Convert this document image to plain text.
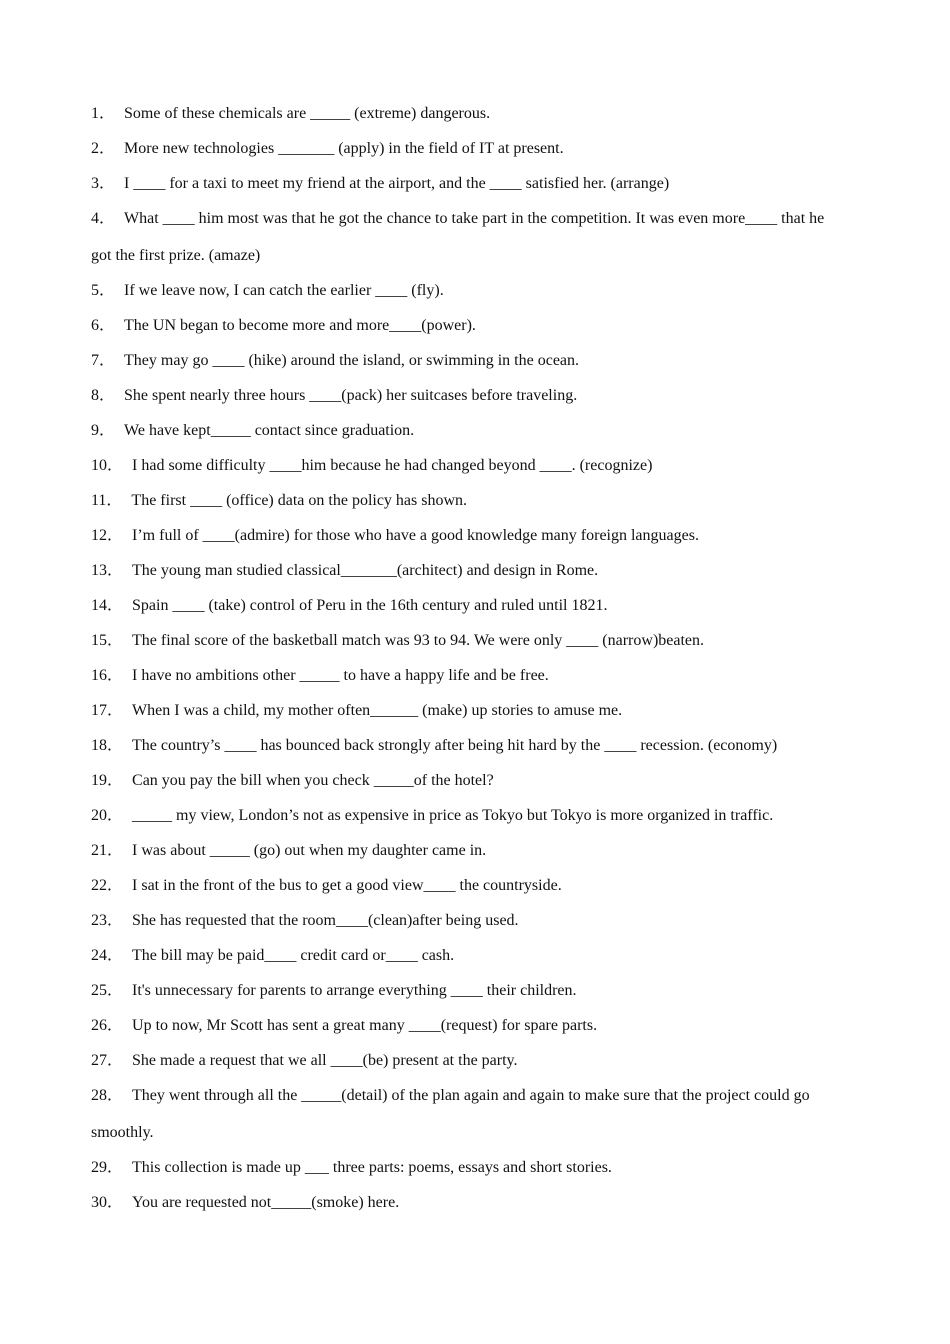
1． Some of these chemicals are _____ (extreme) dangerous.
2． More new technologies _______ (apply) in the field of IT at present.
3． I ____ for a taxi to meet my friend at the airport, and the ____ satisfied her. (arrange)
4． What ____ him most was that he got the chance to take part in the competition. It was even more____ that he
got the first prize. (amaze)
5． If we leave now, I can catch the earlier ____ (fly).
6． The UN began to become more and more____(power).
7． They may go ____ (hike) around the island, or swimming in the ocean.
8． She spent nearly three hours ____(pack) her suitcases before traveling.
9． We have kept_____ contact since graduation.
10． I had some difficulty ____him because he had changed beyond ____. (recognize)
11． The first ____ (office) data on the policy has shown.
12． I’m full of ____(admire) for those who have a good knowledge many foreign languages.
13． The young man studied classical_______(architect) and design in Rome.
14． Spain ____ (take) control of Peru in the 16th century and ruled until 1821.
15． The final score of the basketball match was 93 to 94. We were only ____ (narrow)beaten.
16． I have no ambitions other _____ to have a happy life and be free.
17． When I was a child, my mother often______ (make) up stories to amuse me.
18． The country’s ____ has bounced back strongly after being hit hard by the ____ recession. (economy)
19． Can you pay the bill when you check _____of the hotel?
20． _____ my view, London’s not as expensive in price as Tokyo but Tokyo is more organized in traffic.
21． I was about _____ (go) out when my daughter came in.
22． I sat in the front of the bus to get a good view____ the countryside.
23． She has requested that the room____(clean)after being used.
24． The bill may be paid____ credit card or____ cash.
25． It's unnecessary for parents to arrange everything ____ their children.
26． Up to now, Mr Scott has sent a great many ____(request) for spare parts.
27． She made a request that we all ____(be) present at the party.
28． They went through all the _____(detail) of the plan again and again to make sure that the project could go
smoothly.
29． This collection is made up ___ three parts: poems, essays and short stories.
30． You are requested not_____(smoke) here.
